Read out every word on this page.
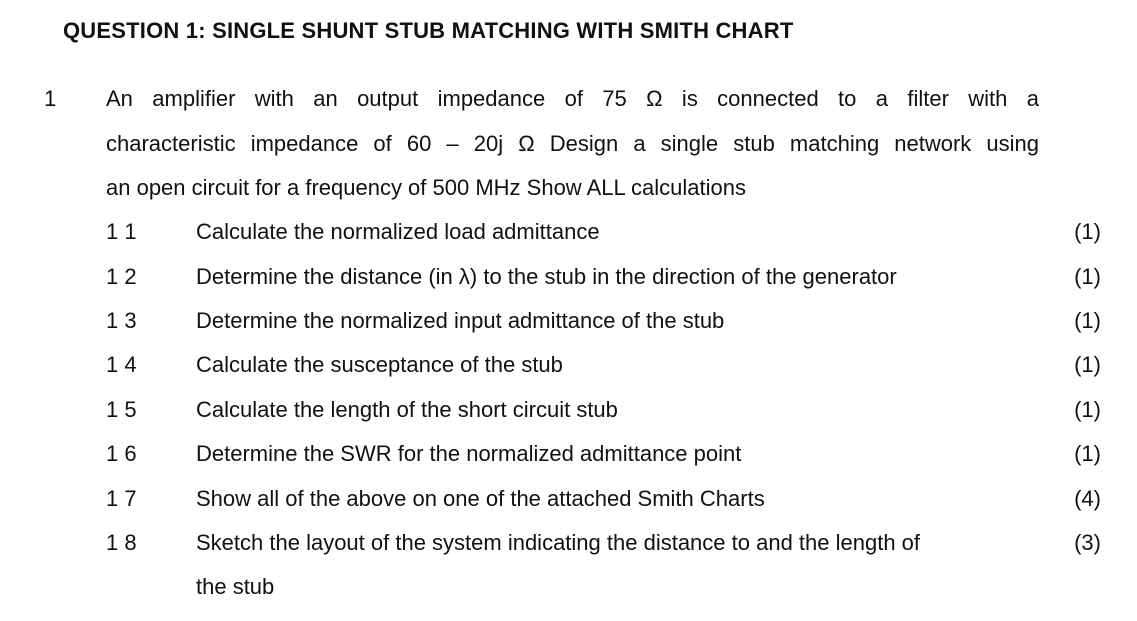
QUESTION 1: SINGLE SHUNT STUB MATCHING WITH SMITH CHART
1 An amplifier with an output impedance of 75 Ω is connected to a filter with a
characteristic impedance of 60 – 20j Ω Design a single stub matching network using
an open circuit for a frequency of 500 MHz Show ALL calculations
1 1	Calculate the normalized load admittance	(1)
1 2	Determine the distance (in λ) to the stub in the direction of the generator	(1)
1 3	Determine the normalized input admittance of the stub	(1)
1 4	Calculate the susceptance of the stub	(1)
1 5	Calculate the length of the short circuit stub	(1)
1 6	Determine the SWR for the normalized admittance point	(1)
1 7	Show all of the above on one of the attached Smith Charts	(4)
1 8	Sketch the layout of the system indicating the distance to and the length of	(3)
the stub
